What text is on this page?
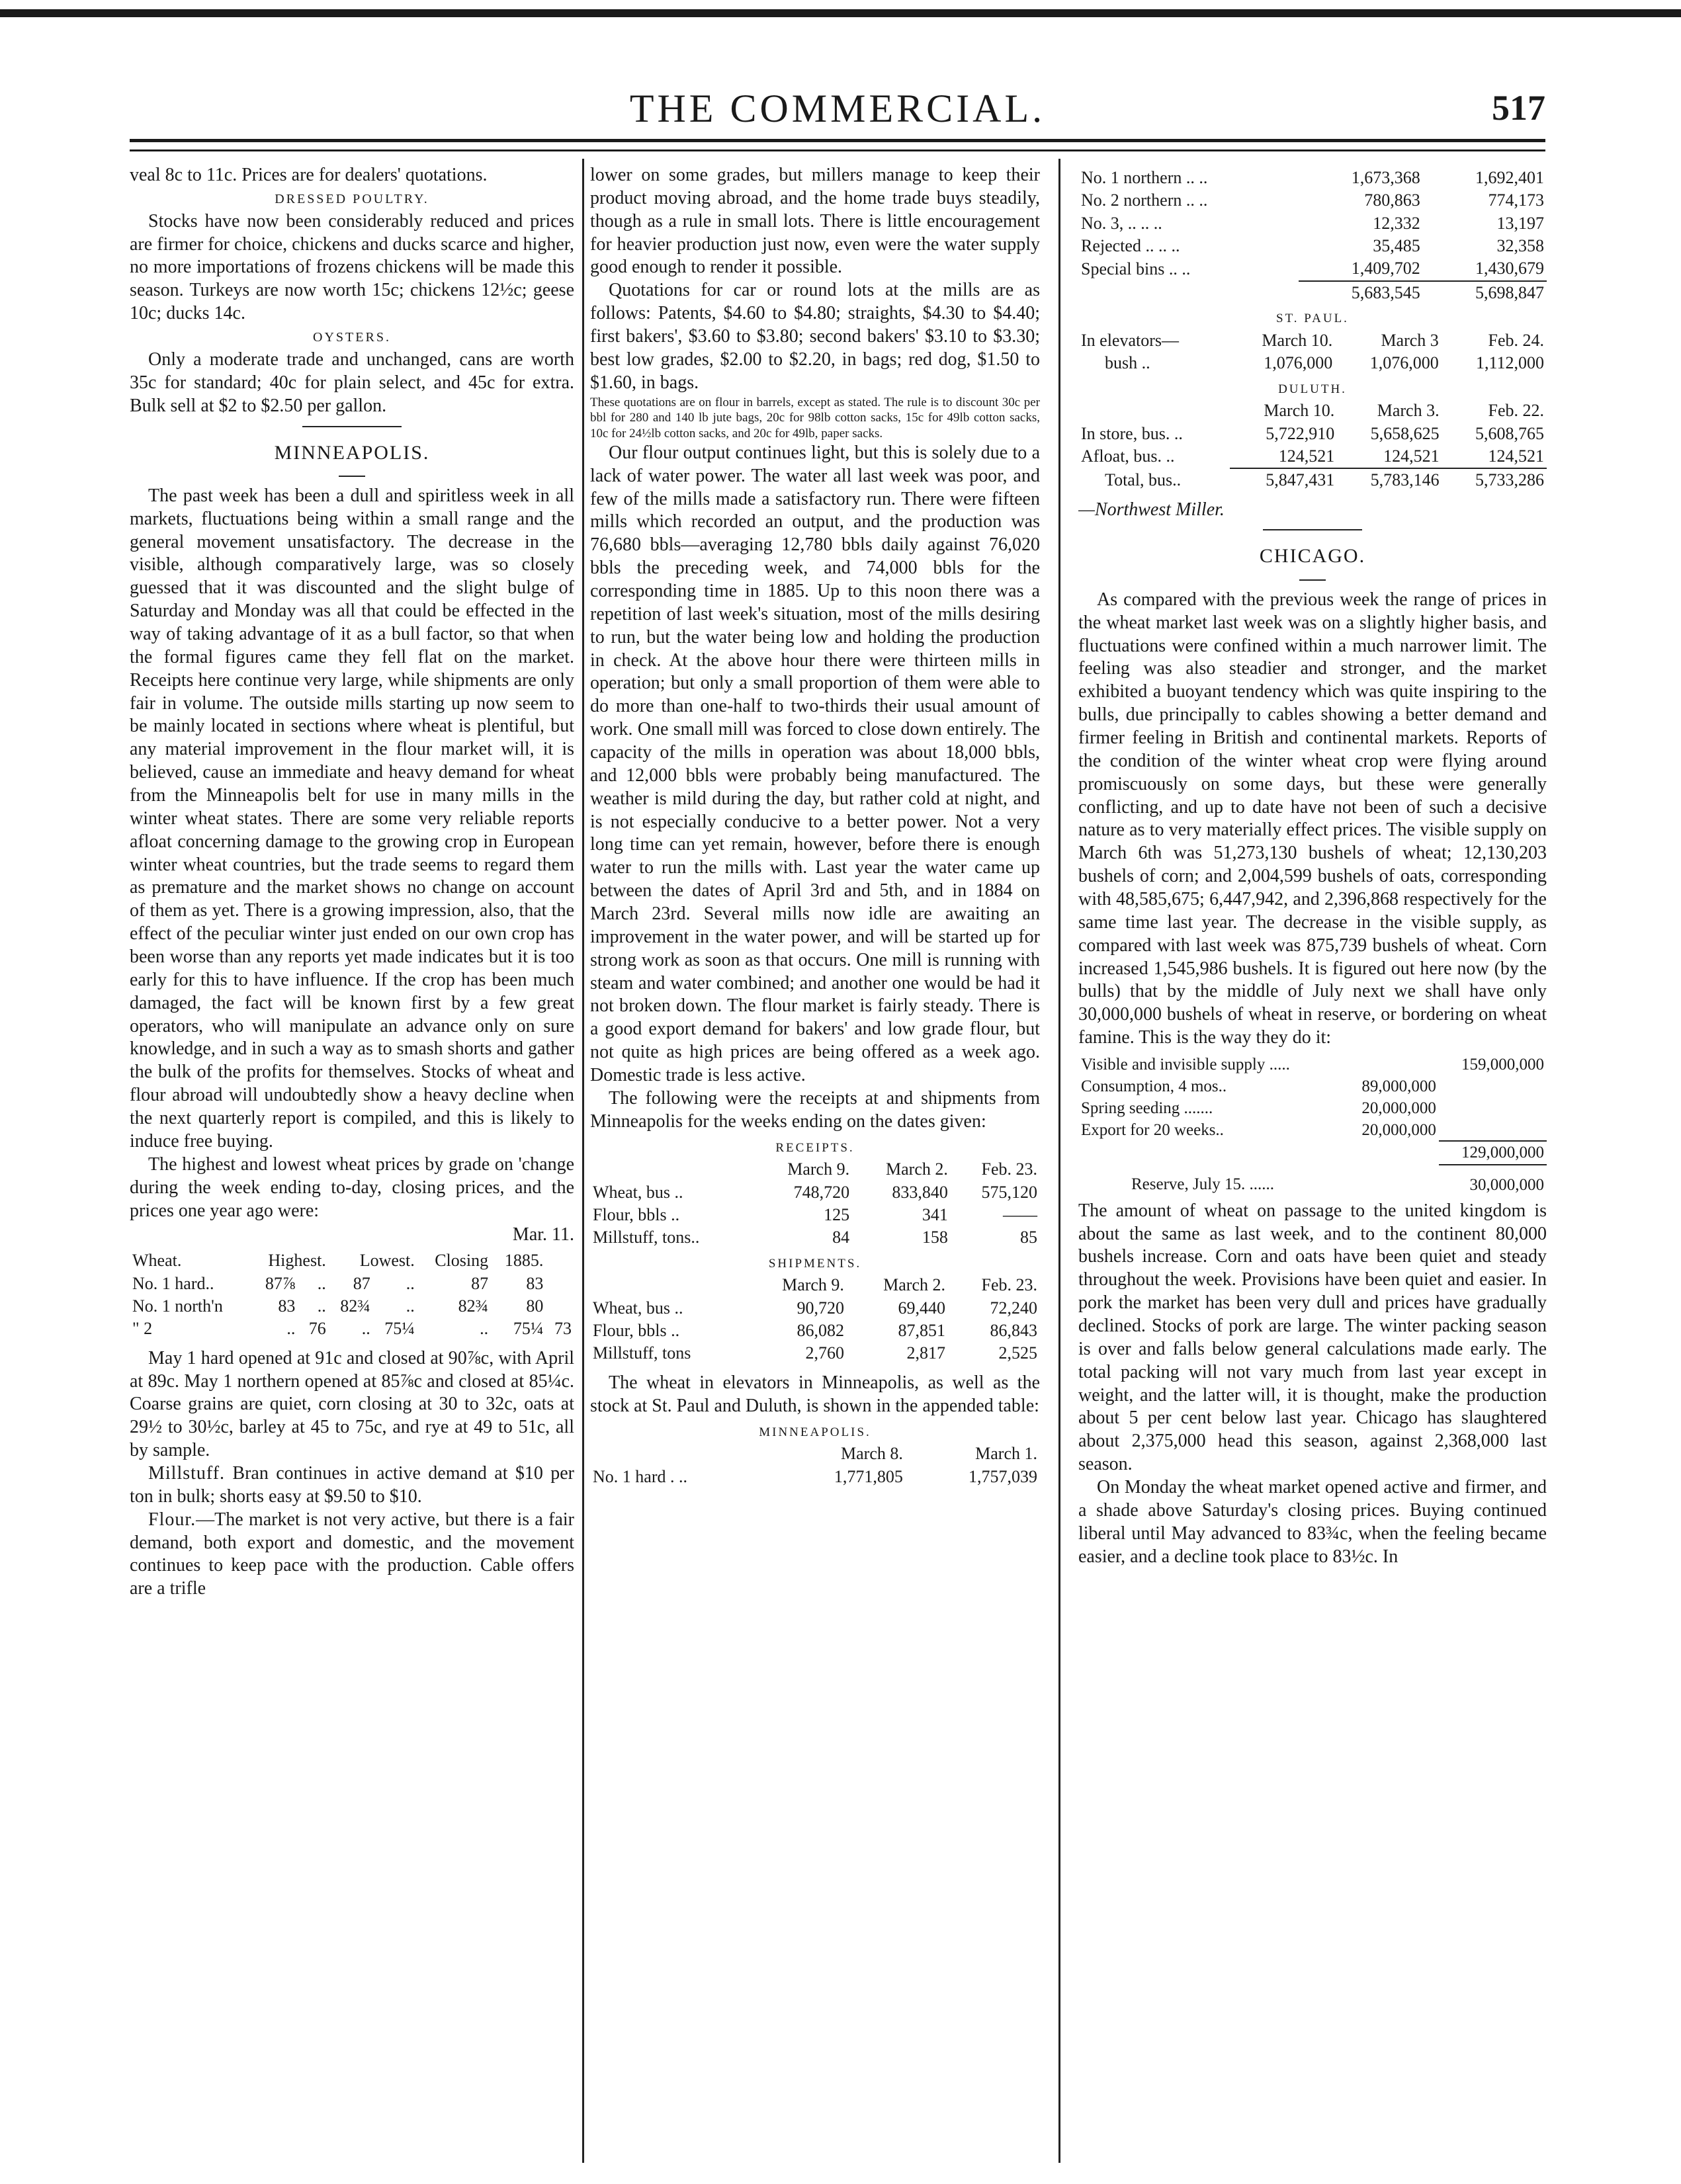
THE COMMERCIAL.	517

veal 8c to 11c. Prices are for dealers' quotations.

DRESSED POULTRY.

Stocks have now been considerably reduced and prices are firmer for choice, chickens and ducks scarce and higher, no more importations of frozens chickens will be made this season. Turkeys are now worth 15c; chickens 12½c; geese 10c; ducks 14c.

OYSTERS.

Only a moderate trade and unchanged, cans are worth 35c for standard; 40c for plain select, and 45c for extra. Bulk sell at $2 to $2.50 per gallon.

MINNEAPOLIS.

The past week has been a dull and spiritless week in all markets, fluctuations being within a small range and the general movement unsatisfactory. The decrease in the visible, although comparatively large, was so closely guessed that it was discounted and the slight bulge of Saturday and Monday was all that could be effected in the way of taking advantage of it as a bull factor, so that when the formal figures came they fell flat on the market. Receipts here continue very large, while shipments are only fair in volume. The outside mills starting up now seem to be mainly located in sections where wheat is plentiful, but any material improvement in the flour market will, it is believed, cause an immediate and heavy demand for wheat from the Minneapolis belt for use in many mills in the winter wheat states. There are some very reliable reports afloat concerning damage to the growing crop in European winter wheat countries, but the trade seems to regard them as premature and the market shows no change on account of them as yet. There is a growing impression, also, that the effect of the peculiar winter just ended on our own crop has been worse than any reports yet made indicates but it is too early for this to have influence. If the crop has been much damaged, the fact will be known first by a few great operators, who will manipulate an advance only on sure knowledge, and in such a way as to smash shorts and gather the bulk of the profits for themselves. Stocks of wheat and flour abroad will undoubtedly show a heavy decline when the next quarterly report is compiled, and this is likely to induce free buying.

The highest and lowest wheat prices by grade on 'change during the week ending to-day, closing prices, and the prices one year ago were:

Mar. 11.
Wheat.	Highest.		Lowest.		Closing	1885.	
No. 1 hard..	87⅞	..	87	..	87	83	
No. 1 north'n	83	..	82¾	..	82¾	80	
" 2	..	76	..	75¼	..	75¼	73

May 1 hard opened at 91c and closed at 90⅞c, with April at 89c. May 1 northern opened at 85⅞c and closed at 85¼c. Coarse grains are quiet, corn closing at 30 to 32c, oats at 29½ to 30½c, barley at 45 to 75c, and rye at 49 to 51c, all by sample.

Millstuff. Bran continues in active demand at $10 per ton in bulk; shorts easy at $9.50 to $10.

Flour.—The market is not very active, but there is a fair demand, both export and domestic, and the movement continues to keep pace with the production. Cable offers are a trifle

lower on some grades, but millers manage to keep their product moving abroad, and the home trade buys steadily, though as a rule in small lots. There is little encouragement for heavier production just now, even were the water supply good enough to render it possible.

Quotations for car or round lots at the mills are as follows: Patents, $4.60 to $4.80; straights, $4.30 to $4.40; first bakers', $3.60 to $3.80; second bakers' $3.10 to $3.30; best low grades, $2.00 to $2.20, in bags; red dog, $1.50 to $1.60, in bags.

These quotations are on flour in barrels, except as stated. The rule is to discount 30c per bbl for 280 and 140 lb jute bags, 20c for 98lb cotton sacks, 15c for 49lb cotton sacks, 10c for 24½lb cotton sacks, and 20c for 49lb, paper sacks.

Our flour output continues light, but this is solely due to a lack of water power. The water all last week was poor, and few of the mills made a satisfactory run. There were fifteen mills which recorded an output, and the production was 76,680 bbls—averaging 12,780 bbls daily against 76,020 bbls the preceding week, and 74,000 bbls for the corresponding time in 1885. Up to this noon there was a repetition of last week's situation, most of the mills desiring to run, but the water being low and holding the production in check. At the above hour there were thirteen mills in operation; but only a small proportion of them were able to do more than one-half to two-thirds their usual amount of work. One small mill was forced to close down entirely. The capacity of the mills in operation was about 18,000 bbls, and 12,000 bbls were probably being manufactured. The weather is mild during the day, but rather cold at night, and is not especially conducive to a better power. Not a very long time can yet remain, however, before there is enough water to run the mills with. Last year the water came up between the dates of April 3rd and 5th, and in 1884 on March 23rd. Several mills now idle are awaiting an improvement in the water power, and will be started up for strong work as soon as that occurs. One mill is running with steam and water combined; and another one would be had it not broken down. The flour market is fairly steady. There is a good export demand for bakers' and low grade flour, but not quite as high prices are being offered as a week ago. Domestic trade is less active.

The following were the receipts at and shipments from Minneapolis for the weeks ending on the dates given:

RECEIPTS.
	March 9.	March 2.	Feb. 23.
Wheat, bus ..	748,720	833,840	575,120
Flour, bbls ..	125	341	——
Millstuff, tons..	84	158	85
SHIPMENTS.
	March 9.	March 2.	Feb. 23.
Wheat, bus ..	90,720	69,440	72,240
Flour, bbls ..	86,082	87,851	86,843
Millstuff, tons	2,760	2,817	2,525

The wheat in elevators in Minneapolis, as well as the stock at St. Paul and Duluth, is shown in the appended table:

MINNEAPOLIS.
	March 8.	March 1.
No. 1 hard . ..	1,771,805	1,757,039
No. 1 northern .. ..	1,673,368	1,692,401
No. 2 northern .. ..	780,863	774,173
No. 3, .. .. ..	12,332	13,197
Rejected .. .. ..	35,485	32,358
Special bins .. ..	1,409,702	1,430,679
	5,683,545	5,698,847
ST. PAUL.
In elevators—	March 10.	March 3	Feb. 24.
bush ..	1,076,000	1,076,000	1,112,000
DULUTH.
	March 10.	March 3.	Feb. 22.
In store, bus. ..	5,722,910	5,658,625	5,608,765
Afloat, bus. ..	124,521	124,521	124,521
Total, bus..	5,847,431	5,783,146	5,733,286

—Northwest Miller.

CHICAGO.

As compared with the previous week the range of prices in the wheat market last week was on a slightly higher basis, and fluctuations were confined within a much narrower limit. The feeling was also steadier and stronger, and the market exhibited a buoyant tendency which was quite inspiring to the bulls, due principally to cables showing a better demand and firmer feeling in British and continental markets. Reports of the condition of the winter wheat crop were flying around promiscuously on some days, but these were generally conflicting, and up to date have not been of such a decisive nature as to very materially effect prices. The visible supply on March 6th was 51,273,130 bushels of wheat; 12,130,203 bushels of corn; and 2,004,599 bushels of oats, corresponding with 48,585,675; 6,447,942, and 2,396,868 respectively for the same time last year. The decrease in the visible supply, as compared with last week was 875,739 bushels of wheat. Corn increased 1,545,986 bushels. It is figured out here now (by the bulls) that by the middle of July next we shall have only 30,000,000 bushels of wheat in reserve, or bordering on wheat famine. This is the way they do it:

Visible and invisible supply .....		159,000,000
Consumption, 4 mos..	89,000,000	
Spring seeding .......	20,000,000	
Export for 20 weeks..	20,000,000	
		129,000,000
Reserve, July 15. ......		30,000,000

The amount of wheat on passage to the united kingdom is about the same as last week, and to the continent 80,000 bushels increase. Corn and oats have been quiet and steady throughout the week. Provisions have been quiet and easier. In pork the market has been very dull and prices have gradually declined. Stocks of pork are large. The winter packing season is over and falls below general calculations made early. The total packing will not vary much from last year except in weight, and the latter will, it is thought, make the production about 5 per cent below last year. Chicago has slaughtered about 2,375,000 head this season, against 2,368,000 last season.

On Monday the wheat market opened active and firmer, and a shade above Saturday's closing prices. Buying continued liberal until May advanced to 83¾c, when the feeling became easier, and a decline took place to 83½c. In
